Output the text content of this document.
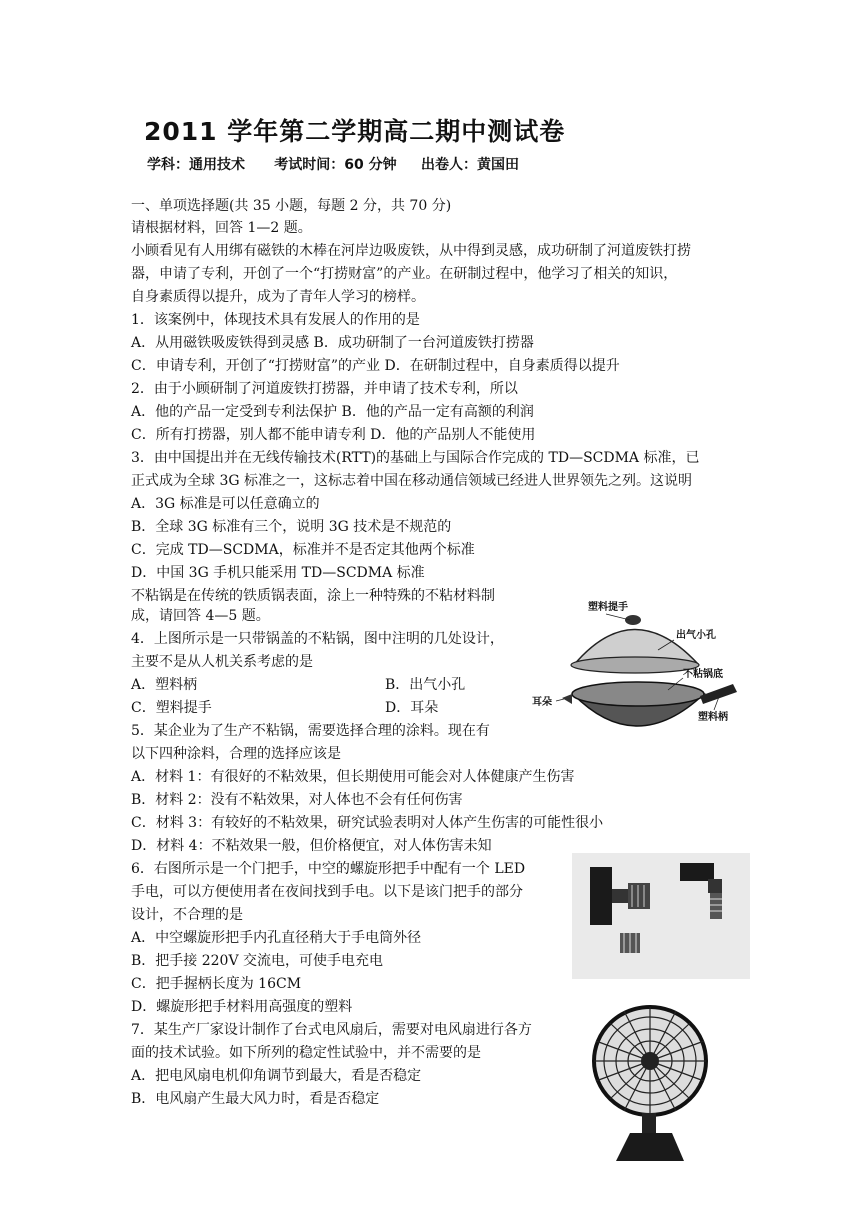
2011 学年第二学期高二期中测试卷
学科：通用技术      考试时间：60 分钟     出卷人：黄国田
一、单项选择题(共 35 小题，每题 2 分，共 70 分)
请根据材料，回答 1—2 题。
小顾看见有人用绑有磁铁的木棒在河岸边吸废铁，从中得到灵感，成功研制了河道废铁打捞
器，申请了专利，开创了一个“打捞财富”的产业。在研制过程中，他学习了相关的知识，
自身素质得以提升，成为了青年人学习的榜样。
1．该案例中，体现技术具有发展人的作用的是
A．从用磁铁吸废铁得到灵感 B．成功研制了一台河道废铁打捞器
C．申请专利，开创了“打捞财富”的产业 D．在研制过程中，自身素质得以提升
2．由于小顾研制了河道废铁打捞器，并申请了技术专利，所以
A．他的产品一定受到专利法保护 B．他的产品一定有高额的利润
C．所有打捞器，别人都不能申请专利 D．他的产品别人不能使用
3．由中国提出并在无线传输技术(RTT)的基础上与国际合作完成的 TD—SCDMA 标准，已
正式成为全球 3G 标准之一，这标志着中国在移动通信领域已经进人世界领先之列。这说明
A．3G 标准是可以任意确立的
B．全球 3G 标准有三个，说明 3G 技术是不规范的
C．完成 TD—SCDMA，标准并不是否定其他两个标准
D．中国 3G 手机只能采用 TD—SCDMA 标准
不粘锅是在传统的铁质锅表面，涂上一种特殊的不粘材料制
成，请回答 4—5 题。
4．上图所示是一只带锅盖的不粘锅，图中注明的几处设计，
主要不是从人机关系考虑的是
A．塑料柄	B．出气小孔
C．塑料提手	D．耳朵
5．某企业为了生产不粘锅，需要选择合理的涂料。现在有
以下四种涂料，合理的选择应该是
A．材料 1：有很好的不粘效果，但长期使用可能会对人体健康产生伤害
B．材料 2：没有不粘效果，对人体也不会有任何伤害
C．材料 3：有较好的不粘效果，研究试验表明对人体产生伤害的可能性很小
D．材料 4：不粘效果一般，但价格便宜，对人体伤害未知
6．右图所示是一个门把手，中空的螺旋形把手中配有一个 LED
手电，可以方便使用者在夜间找到手电。以下是该门把手的部分
设计，不合理的是
A．中空螺旋形把手内孔直径稍大于手电筒外径
B．把手接 220V 交流电，可使手电充电
C．把手握柄长度为 16CM
D．螺旋形把手材料用高强度的塑料
7．某生产厂家设计制作了台式电风扇后，需要对电风扇进行各方
面的技术试验。如下所列的稳定性试验中，并不需要的是
A．把电风扇电机仰角调节到最大，看是否稳定
B．电风扇产生最大风力时，看是否稳定
塑料提手
出气小孔
不粘锅底
耳朵
塑料柄
